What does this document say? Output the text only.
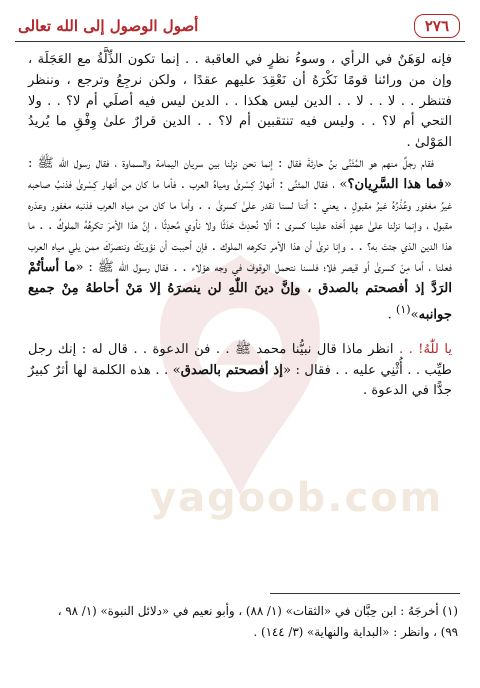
yagoob.com
٢٧٦
أصول الوصول إلى الله تعالى

فإنه لوَهَنٌ في الرأي ، وسوءُ نظرٍ في العاقبة . . إنما تكون الذِّلَّةُ مع العَجَلَة ، وإن من ورائنا قومًا نَكْرَهُ أن نَعْقِدَ عليهم عقدًا ، ولكن نرجِعُ وترجع ، وننظر فتنظر . . لا . . لا . . الدين ليس هكذا . . الدين ليس فيه أصلَي أم لا؟ . . ولا التحي أم لا؟ . . وليس فيه تنتقبين أم لا؟ . . الدين قرارٌ علىٰ وِفْقِ ما يُريدُ المَوْلىٰ .

فقام رجلٌ منهم هو المُثَنَّى بنُ حارثةَ فقال : إنما نحن نزلنا بين سريان اليمامة والسماوة ، فقال رسول الله ﷺ : «فما هذا السَّرِيان؟» ، فقال المثنَّى : أنهارُ كِسْرىٰ ومياهُ العرب . فأما ما كان من أنهار كِسْرىٰ فذنبُ صاحبه غيرُ مغفور وعُذْرُهُ غيرُ مقبولٍ . يعني : أننا لسنا نقدر علىٰ كسرىٰ . . وأما ما كان من مياه العرب فذنبه مغفور وعذره مقبول ، وإنما نزلنا علىٰ عهدٍ أخذه علينا كسرى : ألا نُحدِثَ حَدَثًا ولا نأوي مُحدِثًا ، إنَّ هذا الأمرَ تكرهُهُ الملوكُ . . ما هذا الدين الذي جئتَ به؟ . . وإنا نرىٰ أن هذا الأمر تكرهه الملوك . فإن أحببت أن نؤويَكَ وننصرَكَ ممن يلي مياه العرب فعلنا ، أما مِنْ كسرىٰ أو قيصر فلا؛ فلسنا نتحمل الوقوفَ في وجه هؤلاء . . فقال رسول الله ﷺ : «ما أسأتُمْ الرَدَّ إذ أفصحتم بالصدق ، وإنَّ دينَ اللّٰهِ لن ينصرَهُ إلا مَنْ أحاطهُ مِنْ جميع جوانبه»$^{(١)}$ .

يا للّٰهُ! . . انظر ماذا قال نبيُّنا محمد ﷺ . . فن الدعوة . . قال له : إنك رجل طيِّب . . أُثْنِي عليه . . فقال : «إذ أفصحتم بالصدق» . . هذه الكلمة لها أثرٌ كبيرٌ جدًّا في الدعوة .

(١) أخرجَهُ : ابن حِبَّان في «الثقات» (١/ ٨٨) ، وأبو نعيم في «دلائل النبوة» (١/ ٩٨ ،

٩٩) ، وانظر : «البداية والنهاية» (٣/ ١٤٤) .
